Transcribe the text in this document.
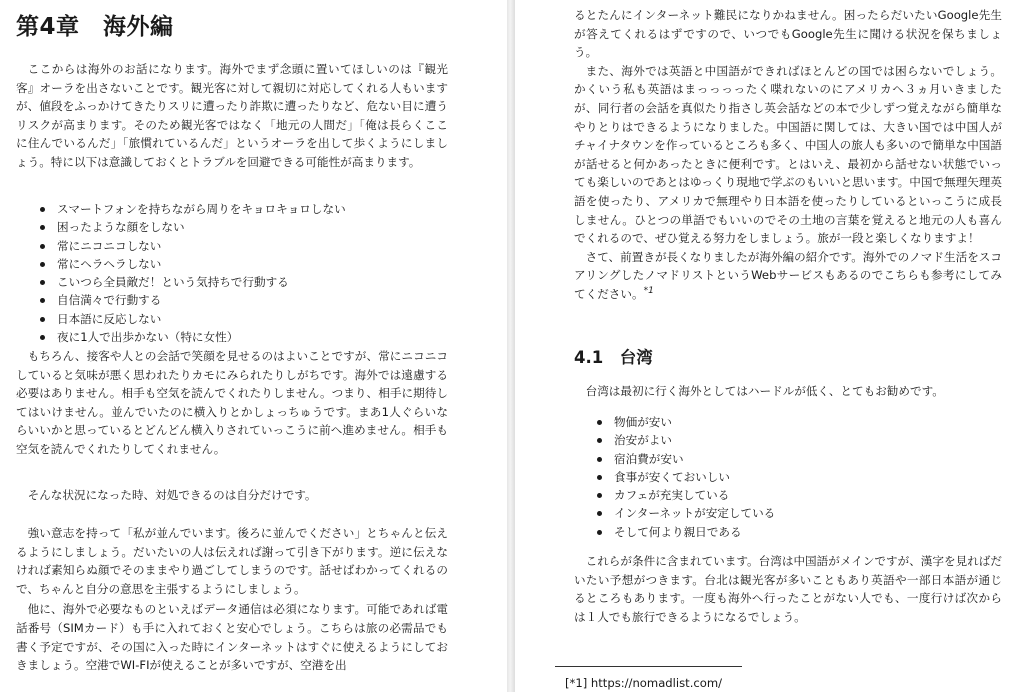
第4章　海外編

ここからは海外のお話になります。海外でまず念頭に置いてほしいのは『観光客』オーラを出さないことです。観光客に対して親切に対応してくれる人もいますが、値段をふっかけてきたりスリに遭ったり詐欺に遭ったりなど、危ない目に遭うリスクが高まります。そのため観光客ではなく「地元の人間だ」「俺は長らくここに住んでいるんだ」「旅慣れているんだ」というオーラを出して歩くようにしましょう。特に以下は意識しておくとトラブルを回避できる可能性が高まります。

スマートフォンを持ちながら周りをキョロキョロしない
困ったような顔をしない
常にニコニコしない
常にヘラヘラしない
こいつら全員敵だ！という気持ちで行動する
自信満々で行動する
日本語に反応しない
夜に1人で出歩かない（特に女性）

もちろん、接客や人との会話で笑顔を見せるのはよいことですが、常にニコニコしていると気味が悪く思われたりカモにみられたりしがちです。海外では遠慮する必要はありません。相手も空気を読んでくれたりしません。つまり、相手に期待してはいけません。並んでいたのに横入りとかしょっちゅうです。まあ1人ぐらいならいいかと思っているとどんどん横入りされていっこうに前へ進めません。相手も空気を読んでくれたりしてくれません。

そんな状況になった時、対処できるのは自分だけです。

強い意志を持って「私が並んでいます。後ろに並んでください」とちゃんと伝えるようにしましょう。だいたいの人は伝えれば謝って引き下がります。逆に伝えなければ素知らぬ顔でそのままやり過ごしてしまうのです。話せばわかってくれるので、ちゃんと自分の意思を主張するようにしましょう。

他に、海外で必要なものといえばデータ通信は必須になります。可能であれば電話番号（SIMカード）も手に入れておくと安心でしょう。こちらは旅の必需品でも書く予定ですが、その国に入った時にインターネットはすぐに使えるようにしておきましょう。空港でWI-FIが使えることが多いですが、空港を出

るとたんにインターネット難民になりかねません。困ったらだいたいGoogle先生が答えてくれるはずですので、いつでもGoogle先生に聞ける状況を保ちましょう。

また、海外では英語と中国語ができればほとんどの国では困らないでしょう。かくいう私も英語はまっっっったく喋れないのにアメリカへ３ヵ月いきましたが、同行者の会話を真似たり指さし英会話などの本で少しずつ覚えながら簡単なやりとりはできるようになりました。中国語に関しては、大きい国では中国人がチャイナタウンを作っているところも多く、中国人の旅人も多いので簡単な中国語が話せると何かあったときに便利です。とはいえ、最初から話せない状態でいっても楽しいのであとはゆっくり現地で学ぶのもいいと思います。中国で無理矢理英語を使ったり、アメリカで無理やり日本語を使ったりしているといっこうに成長しません。ひとつの単語でもいいのでその土地の言葉を覚えると地元の人も喜んでくれるので、ぜひ覚える努力をしましょう。旅が一段と楽しくなりますよ！

さて、前置きが長くなりましたが海外編の紹介です。海外でのノマド生活をスコアリングしたノマドリストというWebサービスもあるのでこちらも参考にしてみてください。$^{*1}$

4.1　台湾

台湾は最初に行く海外としてはハードルが低く、とてもお勧めです。

物価が安い
治安がよい
宿泊費が安い
食事が安くておいしい
カフェが充実している
インターネットが安定している
そして何より親日である

これらが条件に含まれています。台湾は中国語がメインですが、漢字を見ればだいたい予想がつきます。台北は観光客が多いこともあり英語や一部日本語が通じるところもあります。一度も海外へ行ったことがない人でも、一度行けば次からは１人でも旅行できるようになるでしょう。

[*1] https://nomadlist.com/
